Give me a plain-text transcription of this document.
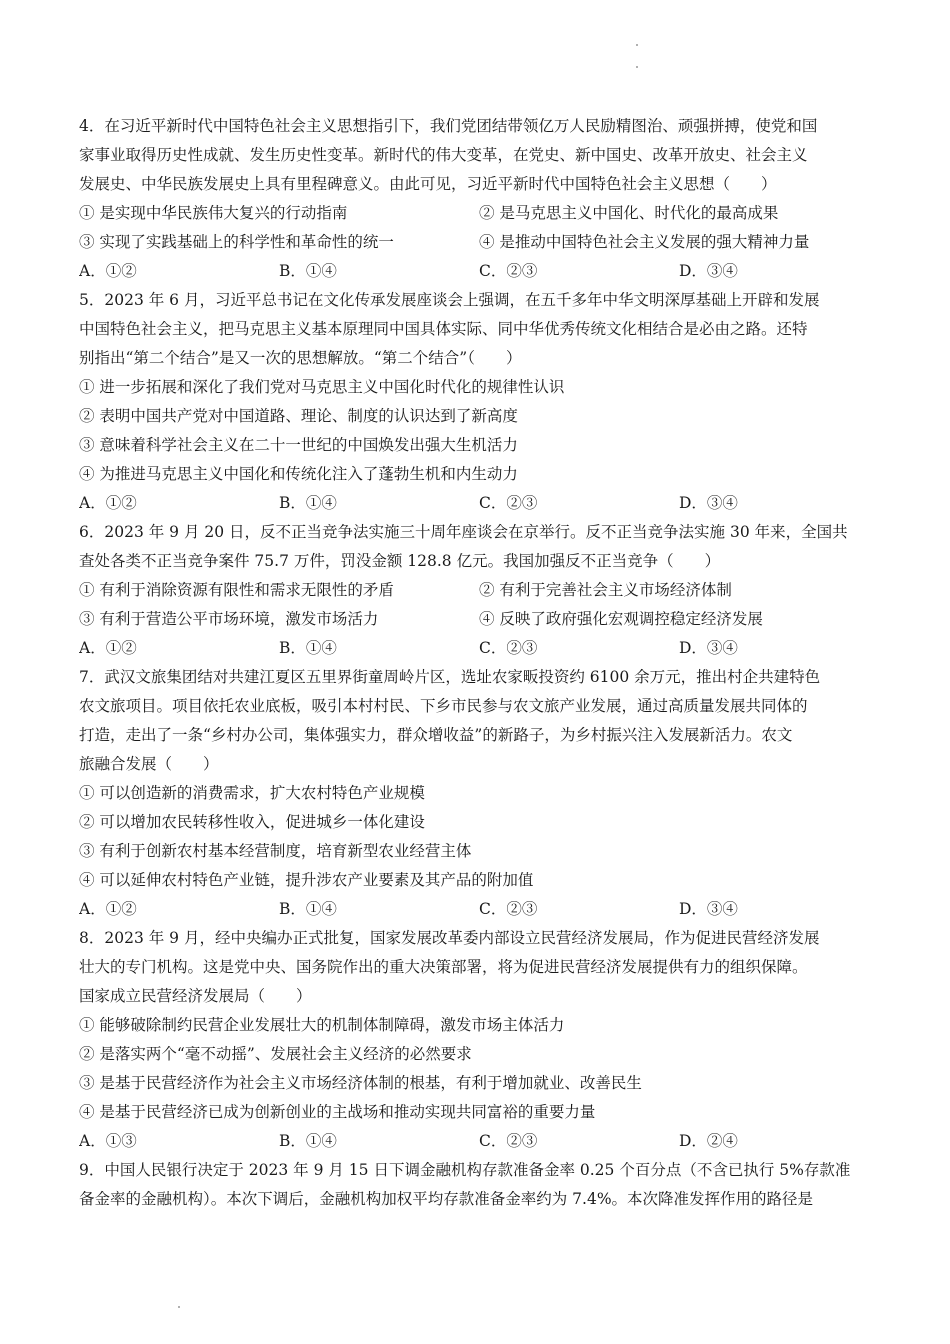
4．在习近平新时代中国特色社会主义思想指引下，我们党团结带领亿万人民励精图治、顽强拼搏，使党和国
家事业取得历史性成就、发生历史性变革。新时代的伟大变革，在党史、新中国史、改革开放史、社会主义
发展史、中华民族发展史上具有里程碑意义。由此可见，习近平新时代中国特色社会主义思想（　　）
① 是实现中华民族伟大复兴的行动指南	② 是马克思主义中国化、时代化的最高成果
③ 实现了实践基础上的科学性和革命性的统一	④ 是推动中国特色社会主义发展的强大精神力量
A．①②	B．①④	C．②③	D．③④
5．2023 年 6 月，习近平总书记在文化传承发展座谈会上强调，在五千多年中华文明深厚基础上开辟和发展
中国特色社会主义，把马克思主义基本原理同中国具体实际、同中华优秀传统文化相结合是必由之路。还特
别指出“第二个结合”是又一次的思想解放。“第二个结合”（　　）
① 进一步拓展和深化了我们党对马克思主义中国化时代化的规律性认识
② 表明中国共产党对中国道路、理论、制度的认识达到了新高度
③ 意味着科学社会主义在二十一世纪的中国焕发出强大生机活力
④ 为推进马克思主义中国化和传统化注入了蓬勃生机和内生动力
A．①②	B．①④	C．②③	D．③④
6．2023 年 9 月 20 日，反不正当竞争法实施三十周年座谈会在京举行。反不正当竞争法实施 30 年来，全国共
查处各类不正当竞争案件 75.7 万件，罚没金额 128.8 亿元。我国加强反不正当竞争（　　）
① 有利于消除资源有限性和需求无限性的矛盾	② 有利于完善社会主义市场经济体制
③ 有利于营造公平市场环境，激发市场活力	④ 反映了政府强化宏观调控稳定经济发展
A．①②	B．①④	C．②③	D．③④
7．武汉文旅集团结对共建江夏区五里界街童周岭片区，选址农家畈投资约 6100 余万元，推出村企共建特色
农文旅项目。项目依托农业底板，吸引本村村民、下乡市民参与农文旅产业发展，通过高质量发展共同体的
打造，走出了一条“乡村办公司，集体强实力，群众增收益”的新路子，为乡村振兴注入发展新活力。农文
旅融合发展（　　）
① 可以创造新的消费需求，扩大农村特色产业规模
② 可以增加农民转移性收入，促进城乡一体化建设
③ 有利于创新农村基本经营制度，培育新型农业经营主体
④ 可以延伸农村特色产业链，提升涉农产业要素及其产品的附加值
A．①②	B．①④	C．②③	D．③④
8．2023 年 9 月，经中央编办正式批复，国家发展改革委内部设立民营经济发展局，作为促进民营经济发展
壮大的专门机构。这是党中央、国务院作出的重大决策部署，将为促进民营经济发展提供有力的组织保障。
国家成立民营经济发展局（　　）
① 能够破除制约民营企业发展壮大的机制体制障碍，激发市场主体活力
② 是落实两个“毫不动摇”、发展社会主义经济的必然要求
③ 是基于民营经济作为社会主义市场经济体制的根基，有利于增加就业、改善民生
④ 是基于民营经济已成为创新创业的主战场和推动实现共同富裕的重要力量
A．①③	B．①④	C．②③	D．②④
9．中国人民银行决定于 2023 年 9 月 15 日下调金融机构存款准备金率 0.25 个百分点（不含已执行 5%存款准
备金率的金融机构）。本次下调后，金融机构加权平均存款准备金率约为 7.4%。本次降准发挥作用的路径是
